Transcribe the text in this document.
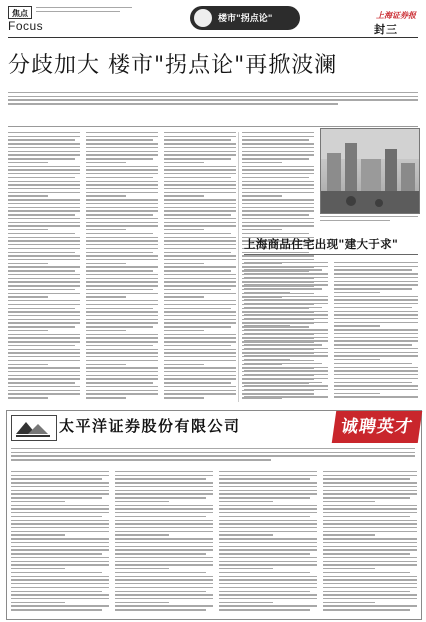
焦点
Focus	楼市"拐点论"	上海证券报
封三
分歧加大 楼市"拐点论"再掀波澜
上海商品住宅出现"建大于求"
太平洋证券股份有限公司	诚聘英才
